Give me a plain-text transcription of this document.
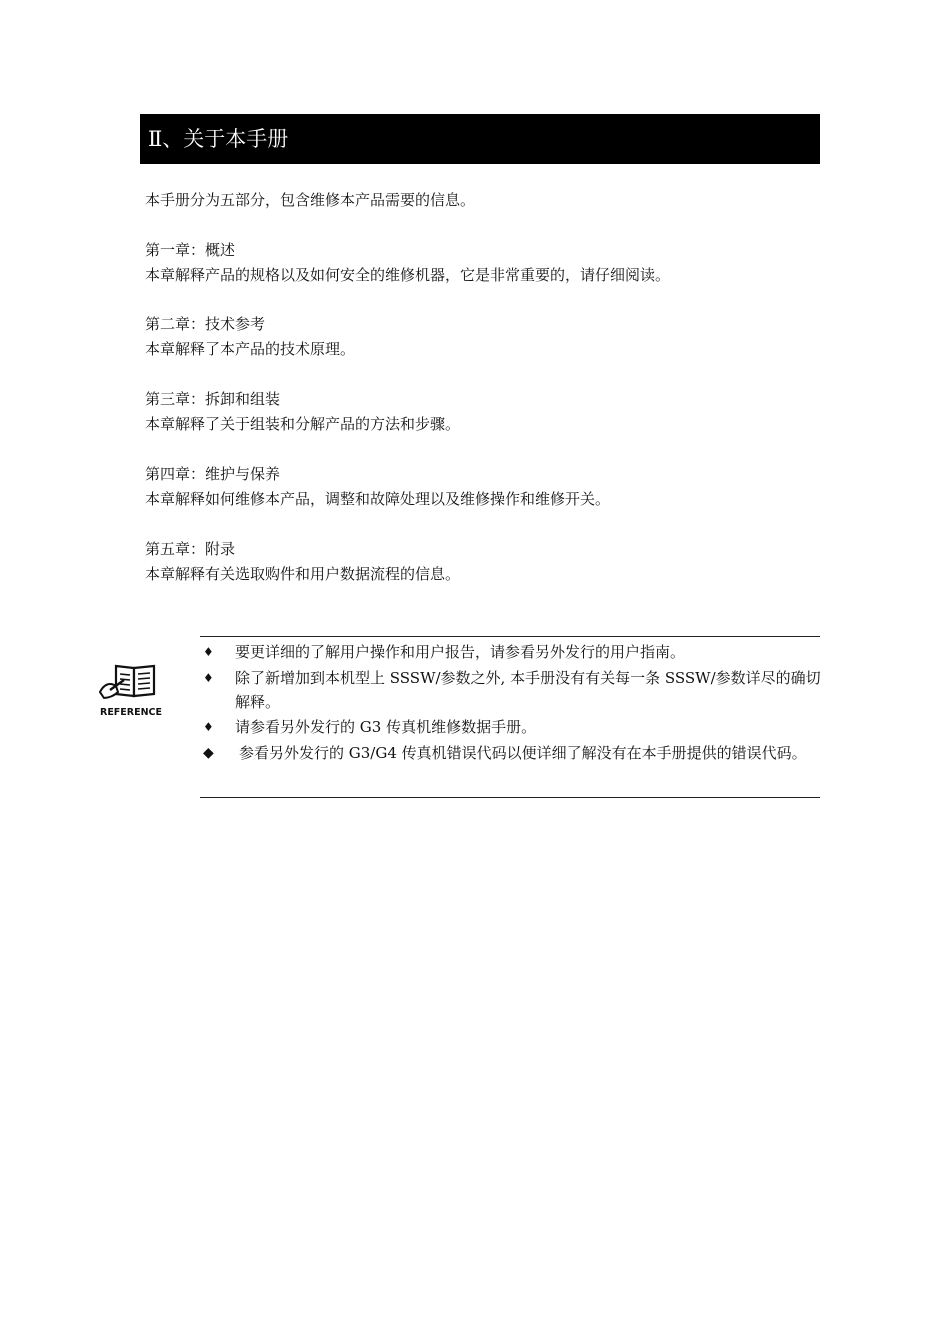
Ⅱ、关于本手册
本手册分为五部分，包含维修本产品需要的信息。
第一章：概述
本章解释产品的规格以及如何安全的维修机器，它是非常重要的，请仔细阅读。
第二章：技术参考
本章解释了本产品的技术原理。
第三章：拆卸和组装
本章解释了关于组装和分解产品的方法和步骤。
第四章：维护与保养
本章解释如何维修本产品，调整和故障处理以及维修操作和维修开关。
第五章：附录
本章解释有关选取购件和用户数据流程的信息。
REFERENCE
♦ 要更详细的了解用户操作和用户报告，请参看另外发行的用户指南。
♦ 除了新增加到本机型上 SSSW/参数之外, 本手册没有有关每一条 SSSW/参数详尽的确切解释。
♦ 请参看另外发行的 G3 传真机维修数据手册。
◆ 参看另外发行的 G3/G4 传真机错误代码以便详细了解没有在本手册提供的错误代码。
